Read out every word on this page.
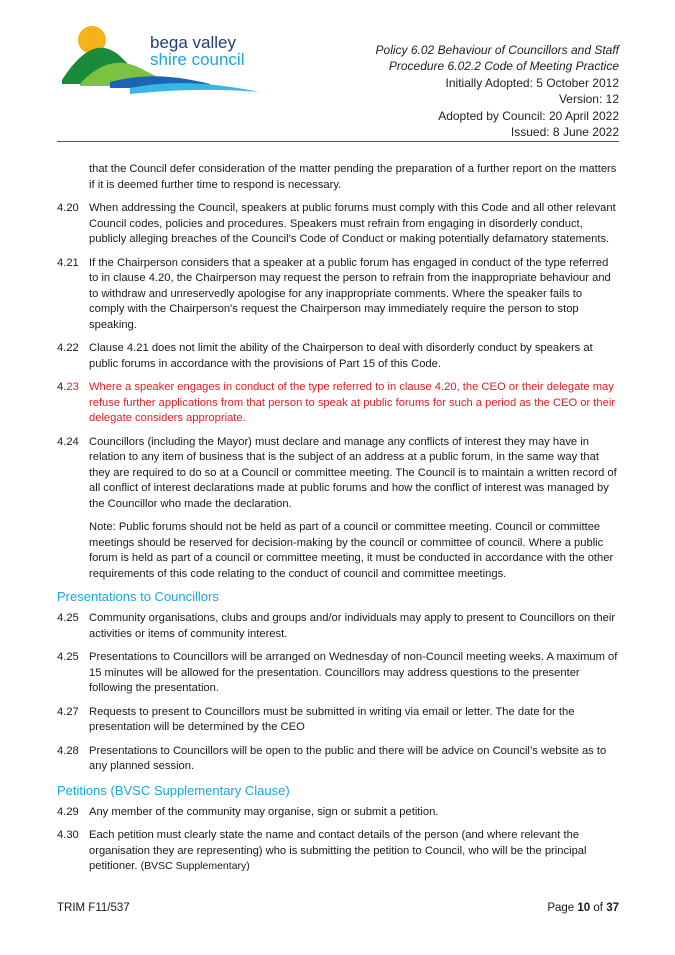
bega valley
shire council	Policy 6.02 Behaviour of Councillors and Staff
Procedure 6.02.2 Code of Meeting Practice
Initially Adopted: 5 October 2012
Version: 12
Adopted by Council: 20 April 2022
Issued: 8 June 2022
that the Council defer consideration of the matter pending the preparation of a further report on the matters if it is deemed further time to respond is necessary.
4.20 When addressing the Council, speakers at public forums must comply with this Code and all other relevant Council codes, policies and procedures. Speakers must refrain from engaging in disorderly conduct, publicly alleging breaches of the Council's Code of Conduct or making potentially defamatory statements.
4.21 If the Chairperson considers that a speaker at a public forum has engaged in conduct of the type referred to in clause 4.20, the Chairperson may request the person to refrain from the inappropriate behaviour and to withdraw and unreservedly apologise for any inappropriate comments. Where the speaker fails to comply with the Chairperson's request the Chairperson may immediately require the person to stop speaking.
4.22 Clause 4.21 does not limit the ability of the Chairperson to deal with disorderly conduct by speakers at public forums in accordance with the provisions of Part 15 of this Code.
4.23 Where a speaker engages in conduct of the type referred to in clause 4.20, the CEO or their delegate may refuse further applications from that person to speak at public forums for such a period as the CEO or their delegate considers appropriate.
4.24 Councillors (including the Mayor) must declare and manage any conflicts of interest they may have in relation to any item of business that is the subject of an address at a public forum, in the same way that they are required to do so at a Council or committee meeting. The Council is to maintain a written record of all conflict of interest declarations made at public forums and how the conflict of interest was managed by the Councillor who made the declaration.
Note: Public forums should not be held as part of a council or committee meeting. Council or committee meetings should be reserved for decision-making by the council or committee of council. Where a public forum is held as part of a council or committee meeting, it must be conducted in accordance with the other requirements of this code relating to the conduct of council and committee meetings.
Presentations to Councillors
4.25 Community organisations, clubs and groups and/or individuals may apply to present to Councillors on their activities or items of community interest.
4.25 Presentations to Councillors will be arranged on Wednesday of non-Council meeting weeks. A maximum of 15 minutes will be allowed for the presentation. Councillors may address questions to the presenter following the presentation.
4.27 Requests to present to Councillors must be submitted in writing via email or letter. The date for the presentation will be determined by the CEO
4.28 Presentations to Councillors will be open to the public and there will be advice on Council’s website as to any planned session.
Petitions (BVSC Supplementary Clause)
4.29 Any member of the community may organise, sign or submit a petition.
4.30 Each petition must clearly state the name and contact details of the person (and where relevant the organisation they are representing) who is submitting the petition to Council, who will be the principal petitioner. (BVSC Supplementary)
TRIM F11/537	Page 10 of 37
